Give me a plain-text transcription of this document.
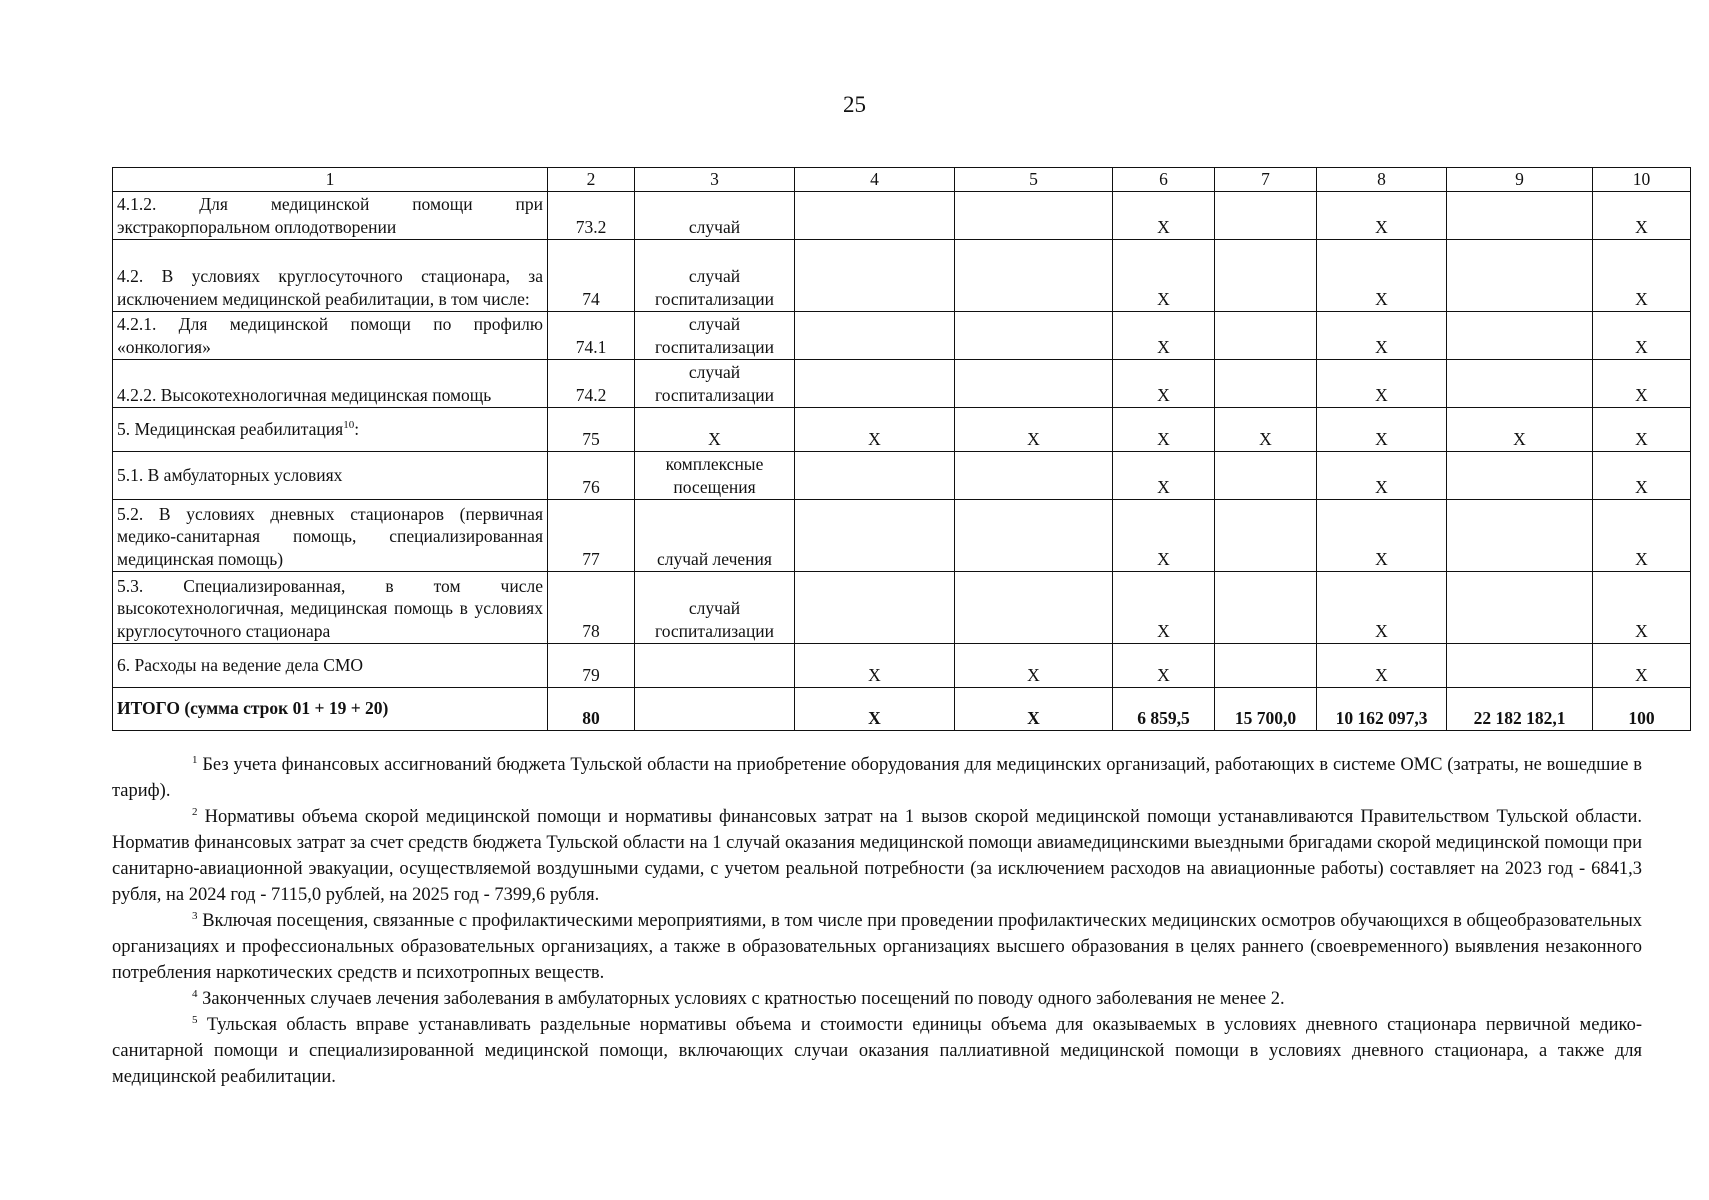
25
1	2	3	4	5	6	7	8	9	10
4.1.2. Для медицинской помощи при экстракорпоральном оплодотворении	73.2	случай			Х		Х		Х
4.2. В условиях круглосуточного стационара, за исключением медицинской реабилитации, в том числе:	74	случай госпитализации			Х		Х		Х
4.2.1. Для медицинской помощи по профилю «онкология»	74.1	случай госпитализации			Х		Х		Х
4.2.2. Высокотехнологичная медицинская помощь	74.2	случай госпитализации			Х		Х		Х
5. Медицинская реабилитация$^{10}$:	75	Х	Х	Х	Х	Х	Х	Х	Х
5.1. В амбулаторных условиях	76	комплексные посещения			Х		Х		Х
5.2. В условиях дневных стационаров (первичная медико-санитарная помощь, специализированная медицинская помощь)	77	случай лечения			Х		Х		Х
5.3. Специализированная, в том числе высокотехнологичная, медицинская помощь в условиях круглосуточного стационара	78	случай госпитализации			Х		Х		Х
6. Расходы на ведение дела СМО	79		Х	Х	Х		Х		Х
ИТОГО (сумма строк 01 + 19 + 20)	80		Х	Х	6 859,5	15 700,0	10 162 097,3	22 182 182,1	100

$^1$ Без учета финансовых ассигнований бюджета Тульской области на приобретение оборудования для медицинских организаций, работающих в системе ОМС (затраты, не вошедшие в тариф).

$^2$ Нормативы объема скорой медицинской помощи и нормативы финансовых затрат на 1 вызов скорой медицинской помощи устанавливаются Правительством Тульской области. Норматив финансовых затрат за счет средств бюджета Тульской области на 1 случай оказания медицинской помощи авиамедицинскими выездными бригадами скорой медицинской помощи при санитарно-авиационной эвакуации, осуществляемой воздушными судами, с учетом реальной потребности (за исключением расходов на авиационные работы) составляет на 2023 год - 6841,3 рубля, на 2024 год - 7115,0 рублей, на 2025 год - 7399,6 рубля.

$^3$ Включая посещения, связанные с профилактическими мероприятиями, в том числе при проведении профилактических медицинских осмотров обучающихся в общеобразовательных организациях и профессиональных образовательных организациях, а также в образовательных организациях высшего образования в целях раннего (своевременного) выявления незаконного потребления наркотических средств и психотропных веществ.

$^4$ Законченных случаев лечения заболевания в амбулаторных условиях с кратностью посещений по поводу одного заболевания не менее 2.

$^5$ Тульская область вправе устанавливать раздельные нормативы объема и стоимости единицы объема для оказываемых в условиях дневного стационара первичной медико-санитарной помощи и специализированной медицинской помощи, включающих случаи оказания паллиативной медицинской помощи в условиях дневного стационара, а также для медицинской реабилитации.
